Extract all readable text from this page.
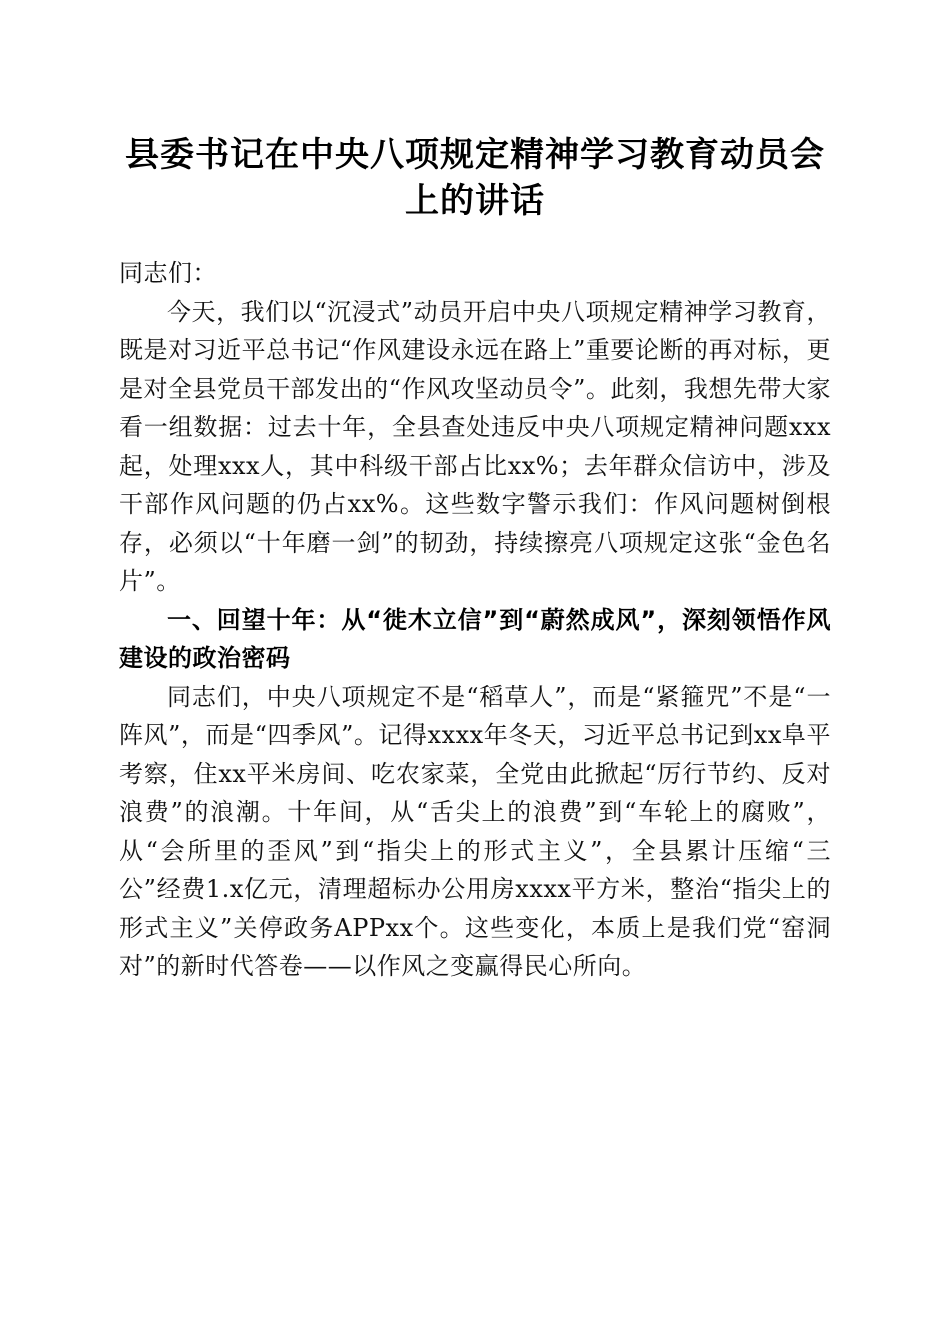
县委书记在中央八项规定精神学习教育动员会上的讲话

同志们：

今天，我们以“沉浸式”动员开启中央八项规定精神学习教育，既是对习近平总书记“作风建设永远在路上”重要论断的再对标，更是对全县党员干部发出的“作风攻坚动员令”。此刻，我想先带大家看一组数据：过去十年，全县查处违反中央八项规定精神问题xxx起，处理xxx人，其中科级干部占比xx%；去年群众信访中，涉及干部作风问题的仍占xx%。这些数字警示我们：作风问题树倒根存，必须以“十年磨一剑”的韧劲，持续擦亮八项规定这张“金色名片”。

一、回望十年：从“徙木立信”到“蔚然成风”，深刻领悟作风建设的政治密码

同志们，中央八项规定不是“稻草人”，而是“紧箍咒”不是“一阵风”，而是“四季风”。记得xxxx年冬天，习近平总书记到xx阜平考察，住xx平米房间、吃农家菜，全党由此掀起“厉行节约、反对浪费”的浪潮。十年间，从“舌尖上的浪费”到“车轮上的腐败”，从“会所里的歪风”到“指尖上的形式主义”，全县累计压缩“三公”经费1.x亿元，清理超标办公用房xxxx平方米，整治“指尖上的形式主义”关停政务APPxx个。这些变化，本质上是我们党“窑洞对”的新时代答卷——以作风之变赢得民心所向。
